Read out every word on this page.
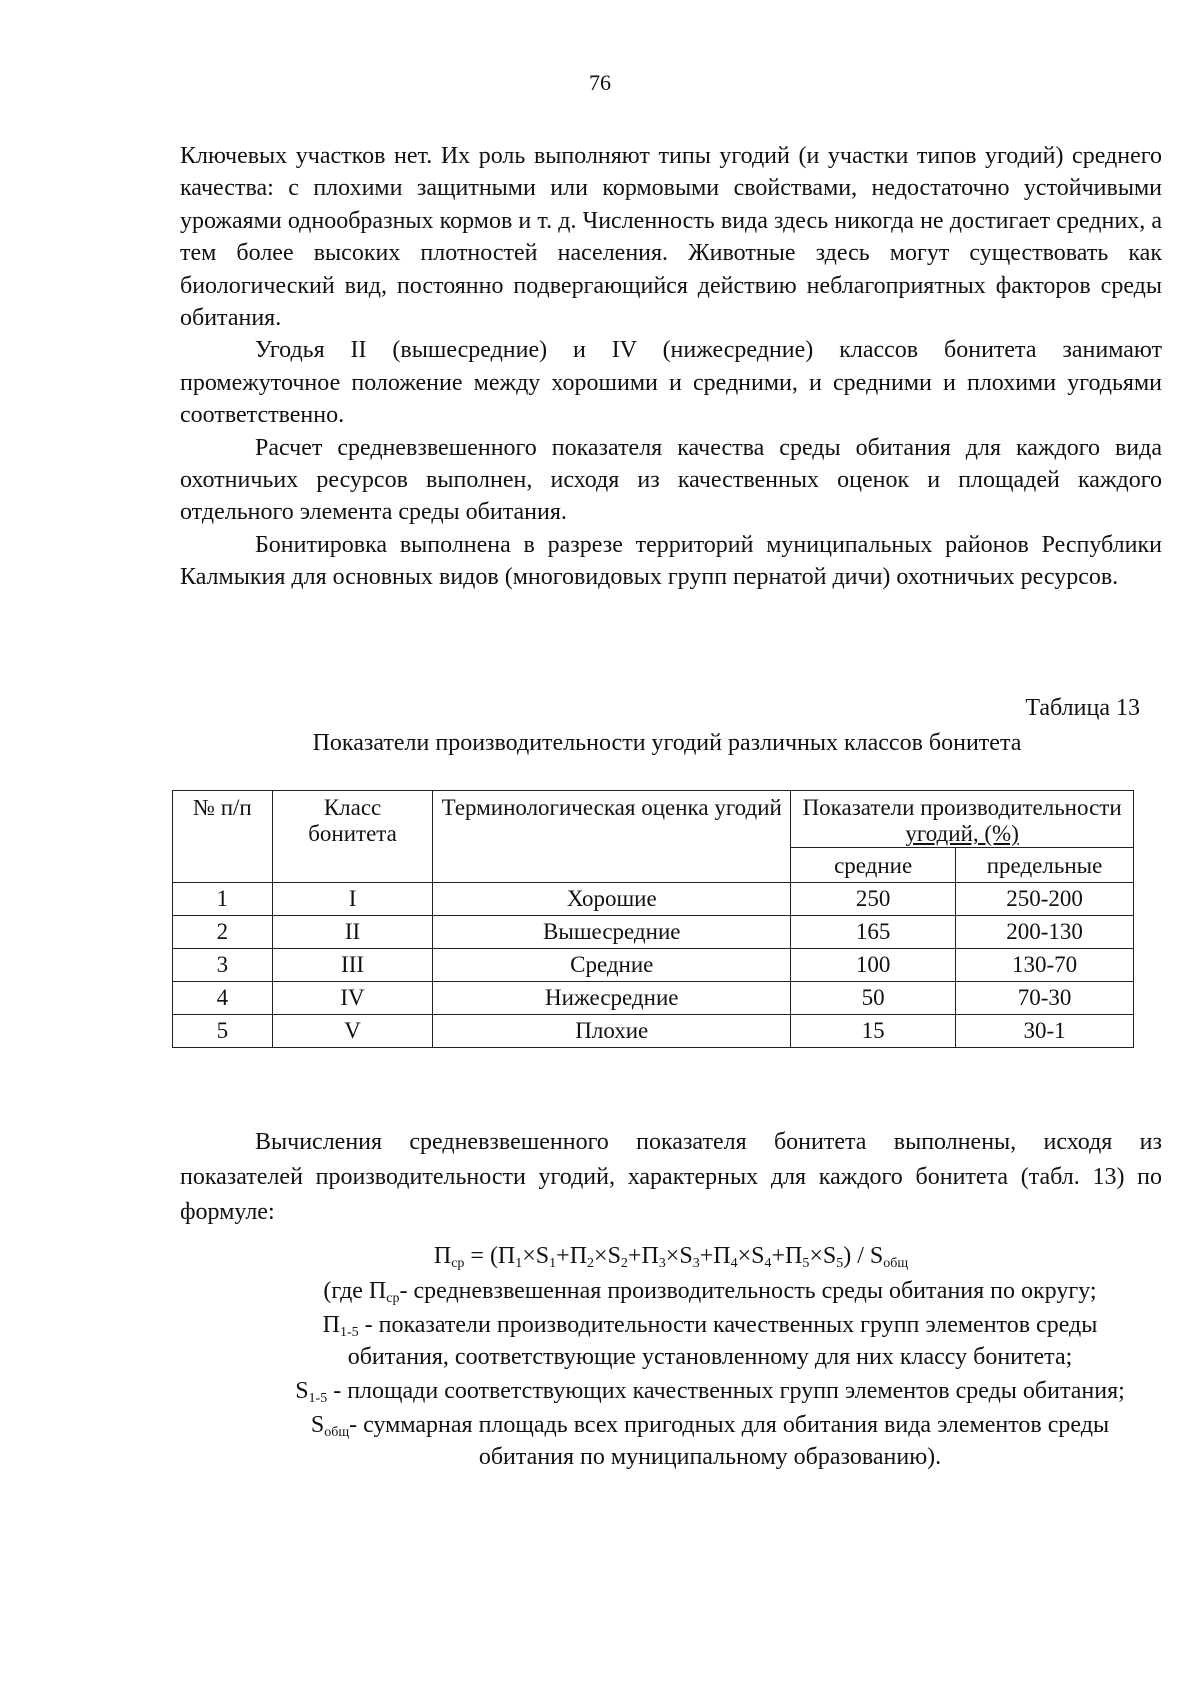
76

Ключевых участков нет. Их роль выполняют типы угодий (и участки типов угодий) среднего качества: с плохими защитными или кормовыми свойствами, недостаточно устойчивыми урожаями однообразных кормов и т. д. Численность вида здесь никогда не достигает средних, а тем более высоких плотностей населения. Животные здесь могут существовать как биологический вид, постоянно подвергающийся действию неблагоприятных факторов среды обитания.

Угодья II (вышесредние) и IV (нижесредние) классов бонитета занимают промежуточное положение между хорошими и средними, и средними и плохими угодьями соответственно.

Расчет средневзвешенного показателя качества среды обитания для каждого вида охотничьих ресурсов выполнен, исходя из качественных оценок и площадей каждого отдельного элемента среды обитания.

Бонитировка выполнена в разрезе территорий муниципальных районов Республики Калмыкия для основных видов (многовидовых групп пернатой дичи) охотничьих ресурсов.

Таблица 13
Показатели производительности угодий различных классов бонитета
№ п/п	Класс бонитета	Терминологическая оценка угодий	Показатели производительности
угодий, (%)	

			средние	предельные
1	I	Хорошие	250	250-200
2	II	Вышесредние	165	200-130
3	III	Средние	100	130-70
4	IV	Нижесредние	50	70-30
5	V	Плохие	15	30-1

Вычисления средневзвешенного показателя бонитета выполнены, исходя из показателей производительности угодий, характерных для каждого бонитета (табл. 13) по формуле:

$П_{ср} = (П_1\times S_1+П_2\times S_2+П_3\times S_3+П_4\times S_4+П_5\times S_5) / S_{общ}$

(где $П_{ср}-$ средневзвешенная производительность среды обитания по округу;

$П_{1-5}$ - показатели производительности качественных групп элементов среды обитания, соответствующие установленному для них классу бонитета;

$S_{1-5}$ - площади соответствующих качественных групп элементов среды обитания;

$S_{общ}-$ суммарная площадь всех пригодных для обитания вида элементов среды обитания по муниципальному образованию).
